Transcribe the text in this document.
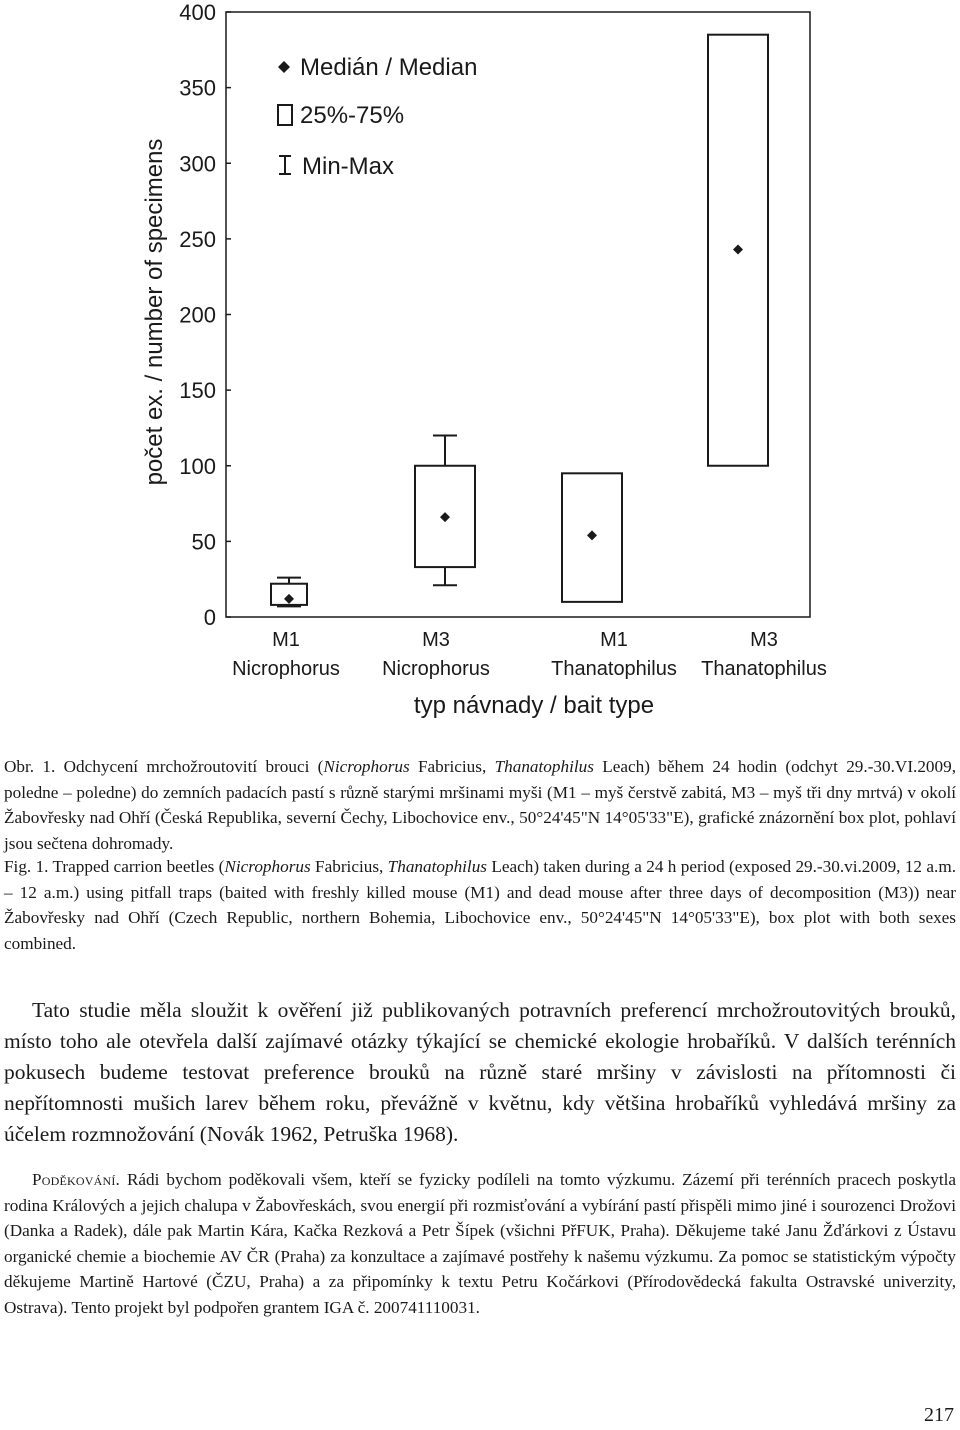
0
50
100
150
200
250
300
350
400
počet ex. / number of specimens
M1
Nicrophorus
M3
Nicrophorus
M1
Thanatophilus
M3
Thanatophilus
typ návnady / bait type
Medián / Median
25%-75%
Min-Max

Obr. 1. Odchycení mrchožroutovití brouci (Nicrophorus Fabricius, Thanatophilus Leach) během 24 hodin (odchyt 29.-30.VI.2009, poledne – poledne) do zemních padacích pastí s různě starými mršinami myši (M1 – myš čerstvě zabitá, M3 – myš tři dny mrtvá) v okolí Žabovřesky nad Ohří (Česká Republika, severní Čechy, Libochovice env., 50°24'45"N 14°05'33"E), grafické znázornění box plot, pohlaví jsou sečtena dohromady.

Fig. 1. Trapped carrion beetles (Nicrophorus Fabricius, Thanatophilus Leach) taken during a 24 h period (exposed 29.-30.vi.2009, 12 a.m. – 12 a.m.) using pitfall traps (baited with freshly killed mouse (M1) and dead mouse after three days of decomposition (M3)) near Žabovřesky nad Ohří (Czech Republic, northern Bohemia, Libochovice env., 50°24'45"N 14°05'33"E), box plot with both sexes combined.

Tato studie měla sloužit k ověření již publikovaných potravních preferencí mrchožroutovitých brouků, místo toho ale otevřela další zajímavé otázky týkající se chemické ekologie hrobaříků. V dalších terénních pokusech budeme testovat preference brouků na různě staré mršiny v závislosti na přítomnosti či nepřítomnosti mušich larev během roku, převážně v květnu, kdy většina hrobaříků vyhledává mršiny za účelem rozmnožování (Novák 1962, Petruška 1968).

Poděkování. Rádi bychom poděkovali všem, kteří se fyzicky podíleli na tomto výzkumu. Zázemí při terénních pracech poskytla rodina Králových a jejich chalupa v Žabovřeskách, svou energií při rozmisťování a vybírání pastí přispěli mimo jiné i sourozenci Drožovi (Danka a Radek), dále pak Martin Kára, Kačka Rezková a Petr Šípek (všichni PřFUK, Praha). Děkujeme také Janu Žďárkovi z Ústavu organické chemie a biochemie AV ČR (Praha) za konzultace a zajímavé postřehy k našemu výzkumu. Za pomoc se statistickým výpočty děkujeme Martině Hartové (ČZU, Praha) a za připomínky k textu Petru Kočárkovi (Přírodovědecká fakulta Ostravské univerzity, Ostrava). Tento projekt byl podpořen grantem IGA č. 200741110031.

217
